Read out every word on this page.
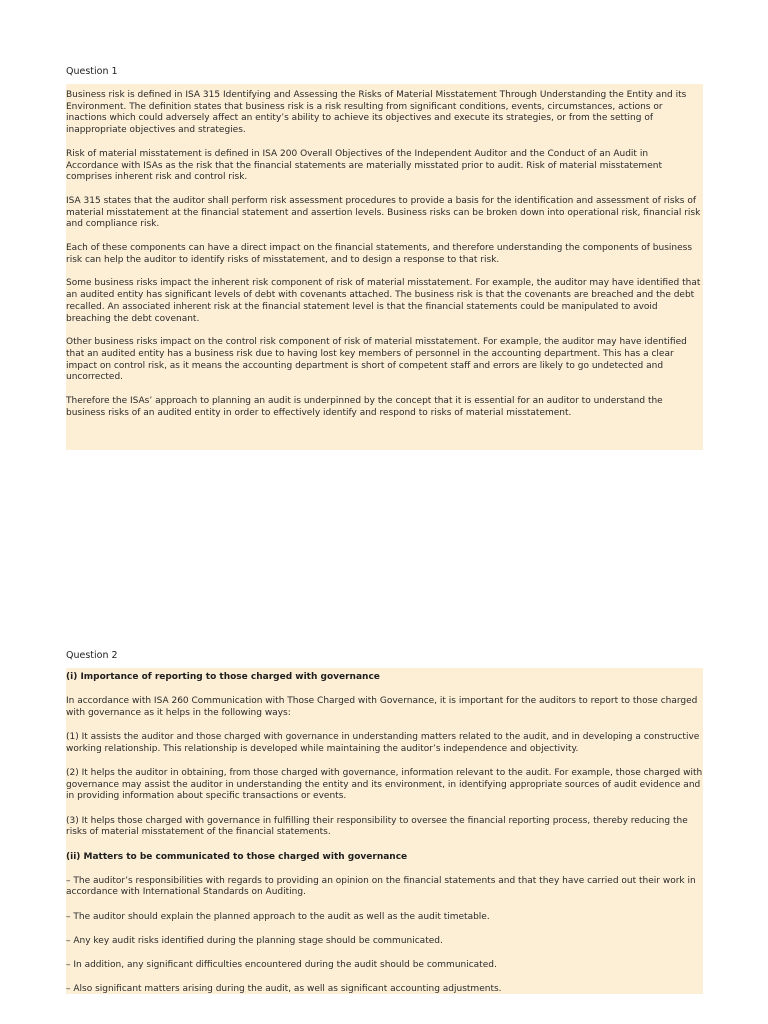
Question 1

Business risk is defined in ISA 315 Identifying and Assessing the Risks of Material Misstatement Through Understanding the Entity and its Environment. The definition states that business risk is a risk resulting from significant conditions, events, circumstances, actions or inactions which could adversely affect an entity’s ability to achieve its objectives and execute its strategies, or from the setting of inappropriate objectives and strategies.

Risk of material misstatement is defined in ISA 200 Overall Objectives of the Independent Auditor and the Conduct of an Audit in Accordance with ISAs as the risk that the financial statements are materially misstated prior to audit. Risk of material misstatement comprises inherent risk and control risk.

ISA 315 states that the auditor shall perform risk assessment procedures to provide a basis for the identification and assessment of risks of material misstatement at the financial statement and assertion levels. Business risks can be broken down into operational risk, financial risk and compliance risk.

Each of these components can have a direct impact on the financial statements, and therefore understanding the components of business risk can help the auditor to identify risks of misstatement, and to design a response to that risk.

Some business risks impact the inherent risk component of risk of material misstatement. For example, the auditor may have identified that an audited entity has significant levels of debt with covenants attached. The business risk is that the covenants are breached and the debt recalled. An associated inherent risk at the financial statement level is that the financial statements could be manipulated to avoid breaching the debt covenant.

Other business risks impact on the control risk component of risk of material misstatement. For example, the auditor may have identified that an audited entity has a business risk due to having lost key members of personnel in the accounting department. This has a clear impact on control risk, as it means the accounting department is short of competent staff and errors are likely to go undetected and uncorrected.

Therefore the ISAs’ approach to planning an audit is underpinned by the concept that it is essential for an auditor to understand the business risks of an audited entity in order to effectively identify and respond to risks of material misstatement.

Question 2

(i) Importance of reporting to those charged with governance

In accordance with ISA 260 Communication with Those Charged with Governance, it is important for the auditors to report to those charged with governance as it helps in the following ways:

(1) It assists the auditor and those charged with governance in understanding matters related to the audit, and in developing a constructive working relationship. This relationship is developed while maintaining the auditor’s independence and objectivity.

(2) It helps the auditor in obtaining, from those charged with governance, information relevant to the audit. For example, those charged with governance may assist the auditor in understanding the entity and its environment, in identifying appropriate sources of audit evidence and in providing information about specific transactions or events.

(3) It helps those charged with governance in fulfilling their responsibility to oversee the financial reporting process, thereby reducing the risks of material misstatement of the financial statements.

(ii) Matters to be communicated to those charged with governance

– The auditor’s responsibilities with regards to providing an opinion on the financial statements and that they have carried out their work in accordance with International Standards on Auditing.

– The auditor should explain the planned approach to the audit as well as the audit timetable.

– Any key audit risks identified during the planning stage should be communicated.

– In addition, any significant difficulties encountered during the audit should be communicated.

– Also significant matters arising during the audit, as well as significant accounting adjustments.
